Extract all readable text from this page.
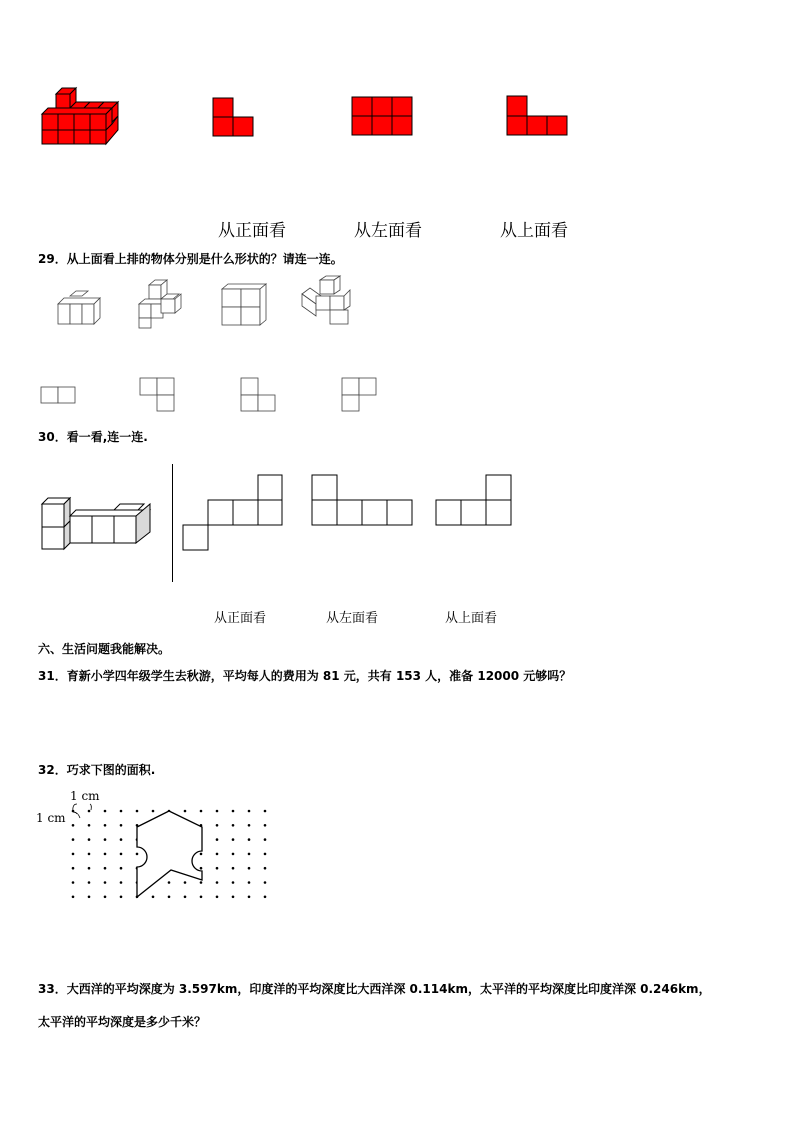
从正面看	从左面看	从上面看
29．从上面看上排的物体分别是什么形状的？请连一连。
30．看一看,连一连.
从正面看	从左面看	从上面看
六、生活问题我能解决。
31．育新小学四年级学生去秋游，平均每人的费用为 81 元，共有 153 人，准备 12000 元够吗？
32．巧求下图的面积.
1 cm
1 cm
33．大西洋的平均深度为 3.597km，印度洋的平均深度比大西洋深 0.114km，太平洋的平均深度比印度洋深 0.246km，
太平洋的平均深度是多少千米？
